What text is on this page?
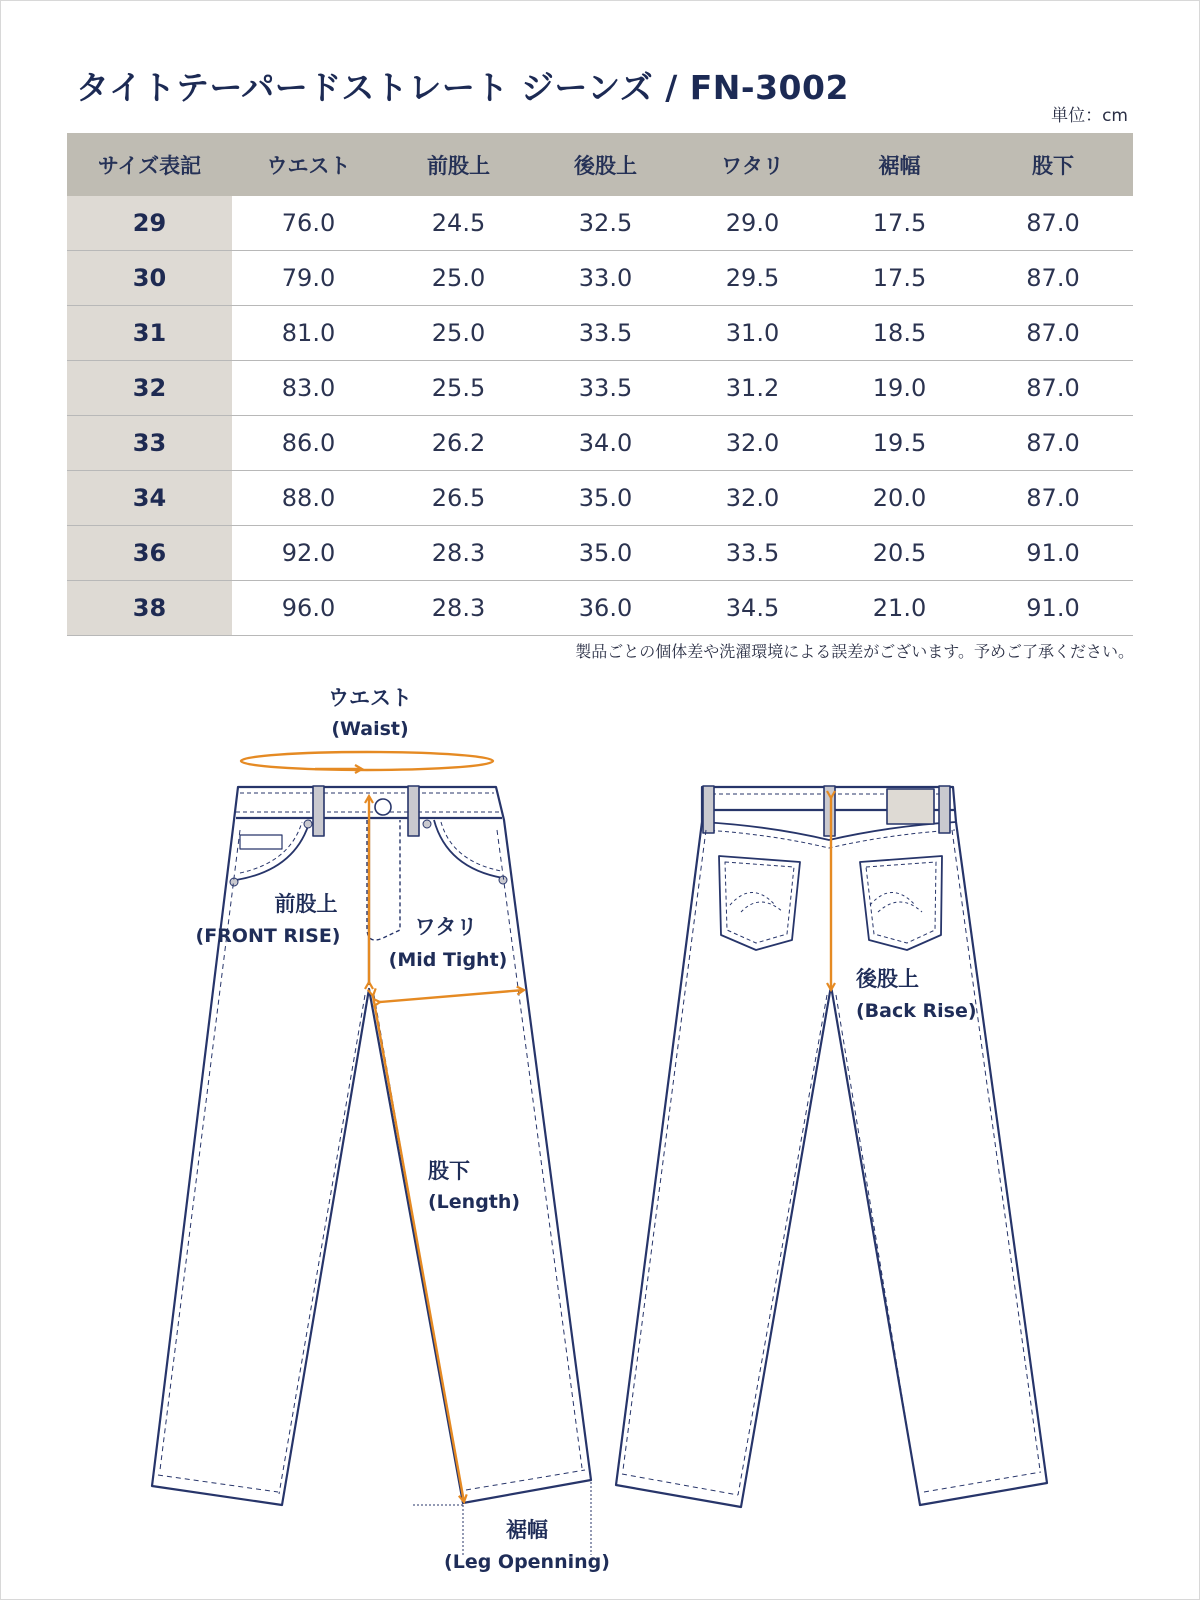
タイトテーパードストレート ジーンズ / FN-3002
単位：cm
サイズ表記	ウエスト	前股上	後股上	ワタリ	裾幅	股下
29	76.0	24.5	32.5	29.0	17.5	87.0
30	79.0	25.0	33.0	29.5	17.5	87.0
31	81.0	25.0	33.5	31.0	18.5	87.0
32	83.0	25.5	33.5	31.2	19.0	87.0
33	86.0	26.2	34.0	32.0	19.5	87.0
34	88.0	26.5	35.0	32.0	20.0	87.0
36	92.0	28.3	35.0	33.5	20.5	91.0
38	96.0	28.3	36.0	34.5	21.0	91.0
製品ごとの個体差や洗濯環境による誤差がございます。予めご了承ください。
ウエスト
(Waist)
前股上
(FRONT RISE)	ワタリ
(Mid Tight)
股下
(Length)
裾幅
(Leg Openning)
後股上
(Back Rise)
